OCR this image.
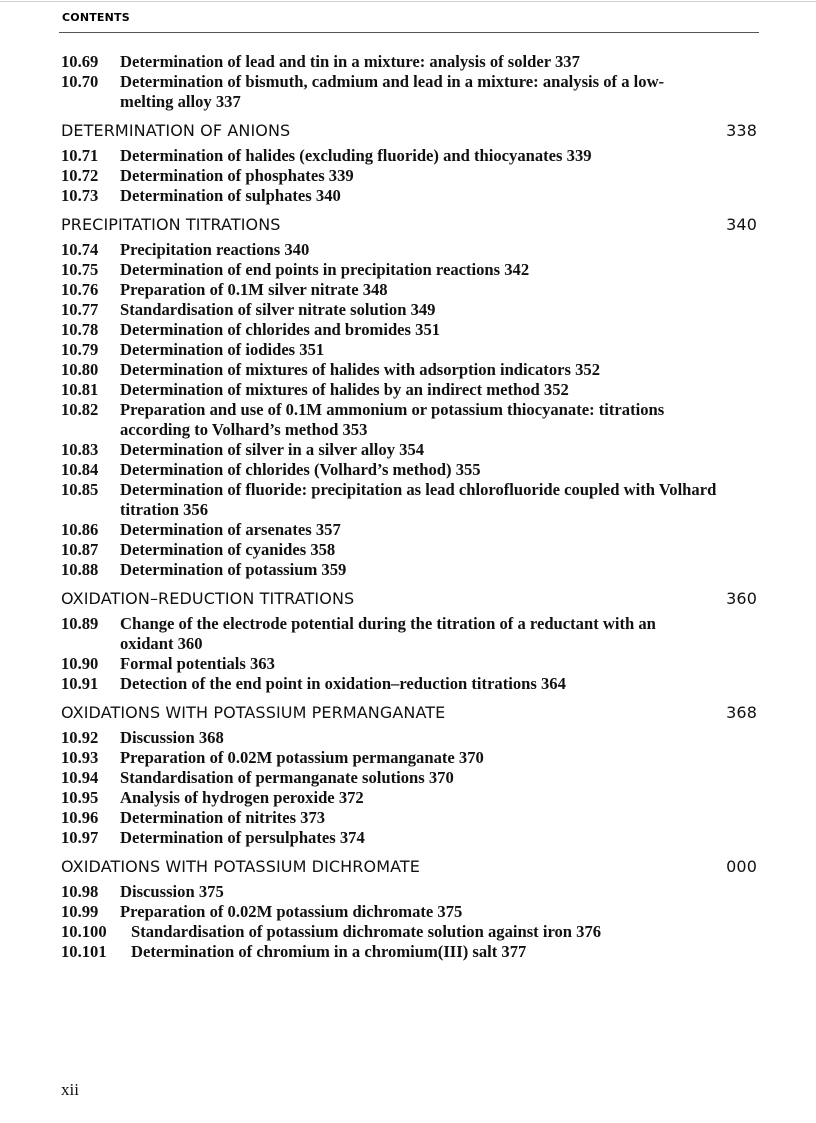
CONTENTS
10.69 Determination of lead and tin in a mixture: analysis of solder 337
10.70 Determination of bismuth, cadmium and lead in a mixture: analysis of a low-melting alloy 337
DETERMINATION OF ANIONS	338
10.71 Determination of halides (excluding fluoride) and thiocyanates 339
10.72 Determination of phosphates 339
10.73 Determination of sulphates 340
PRECIPITATION TITRATIONS	340
10.74 Precipitation reactions 340
10.75 Determination of end points in precipitation reactions 342
10.76 Preparation of 0.1M silver nitrate 348
10.77 Standardisation of silver nitrate solution 349
10.78 Determination of chlorides and bromides 351
10.79 Determination of iodides 351
10.80 Determination of mixtures of halides with adsorption indicators 352
10.81 Determination of mixtures of halides by an indirect method 352
10.82 Preparation and use of 0.1M ammonium or potassium thiocyanate: titrations according to Volhard’s method 353
10.83 Determination of silver in a silver alloy 354
10.84 Determination of chlorides (Volhard’s method) 355
10.85 Determination of fluoride: precipitation as lead chlorofluoride coupled with Volhard titration 356
10.86 Determination of arsenates 357
10.87 Determination of cyanides 358
10.88 Determination of potassium 359
OXIDATION–REDUCTION TITRATIONS	360
10.89 Change of the electrode potential during the titration of a reductant with an oxidant 360
10.90 Formal potentials 363
10.91 Detection of the end point in oxidation–reduction titrations 364
OXIDATIONS WITH POTASSIUM PERMANGANATE	368
10.92 Discussion 368
10.93 Preparation of 0.02M potassium permanganate 370
10.94 Standardisation of permanganate solutions 370
10.95 Analysis of hydrogen peroxide 372
10.96 Determination of nitrites 373
10.97 Determination of persulphates 374
OXIDATIONS WITH POTASSIUM DICHROMATE	000
10.98 Discussion 375
10.99 Preparation of 0.02M potassium dichromate 375
10.100 Standardisation of potassium dichromate solution against iron 376
10.101 Determination of chromium in a chromium(III) salt 377
xii
